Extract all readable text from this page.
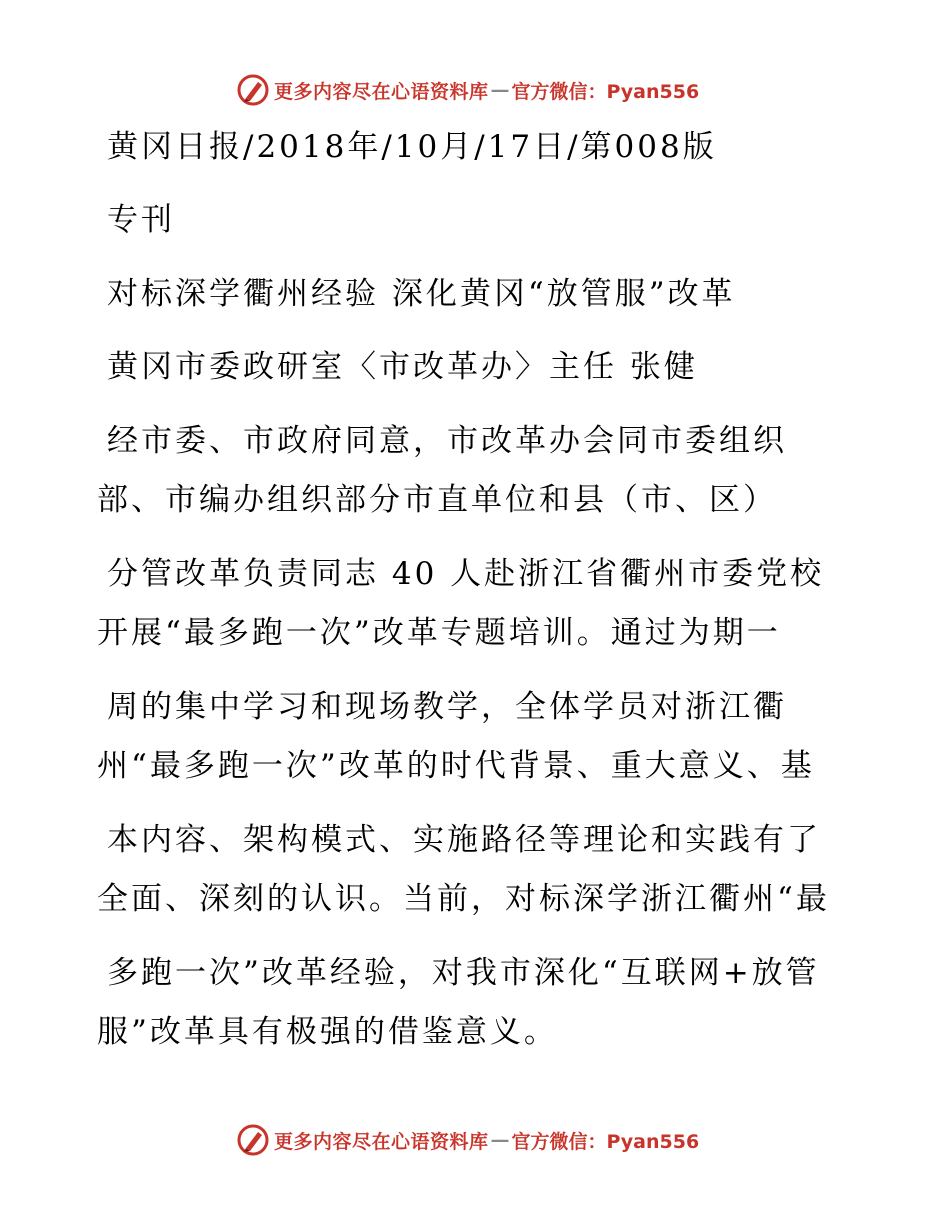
更多内容尽在心语资料库 — 官方微信：Pyan556

黄冈日报/2018年/10月/17日/第008版

专刊

对标深学衢州经验 深化黄冈“放管服”改革

黄冈市委政研室〈市改革办〉主任 张健

经市委、市政府同意，市改革办会同市委组织

部、市编办组织部分市直单位和县（市、区）

分管改革负责同志 40 人赴浙江省衢州市委党校

开展“最多跑一次”改革专题培训。通过为期一

周的集中学习和现场教学，全体学员对浙江衢

州“最多跑一次”改革的时代背景、重大意义、基

本内容、架构模式、实施路径等理论和实践有了

全面、深刻的认识。当前，对标深学浙江衢州“最

多跑一次”改革经验，对我市深化“互联网+放管

服”改革具有极强的借鉴意义。

更多内容尽在心语资料库 — 官方微信：Pyan556
